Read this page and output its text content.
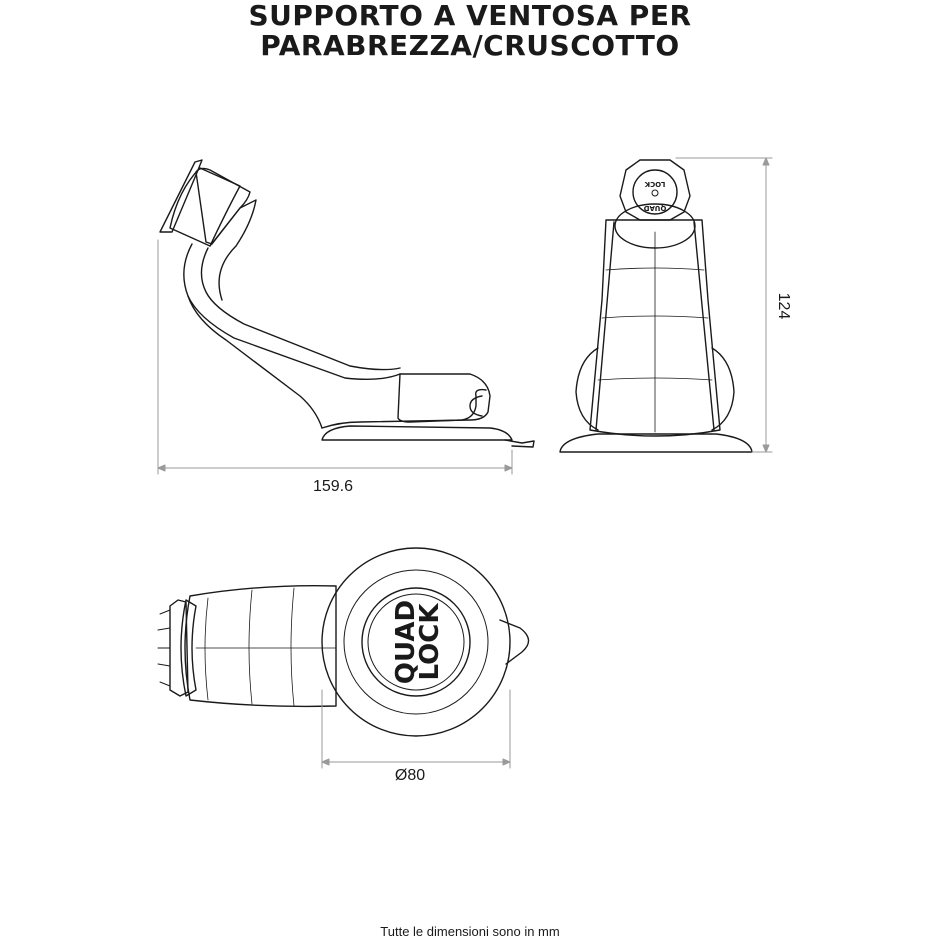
SUPPORTO A VENTOSA PER
PARABREZZA/CRUSCOTTO
159.6
LOCK
QUAD
124
QUAD
LOCK
Ø80
Tutte le dimensioni sono in mm
